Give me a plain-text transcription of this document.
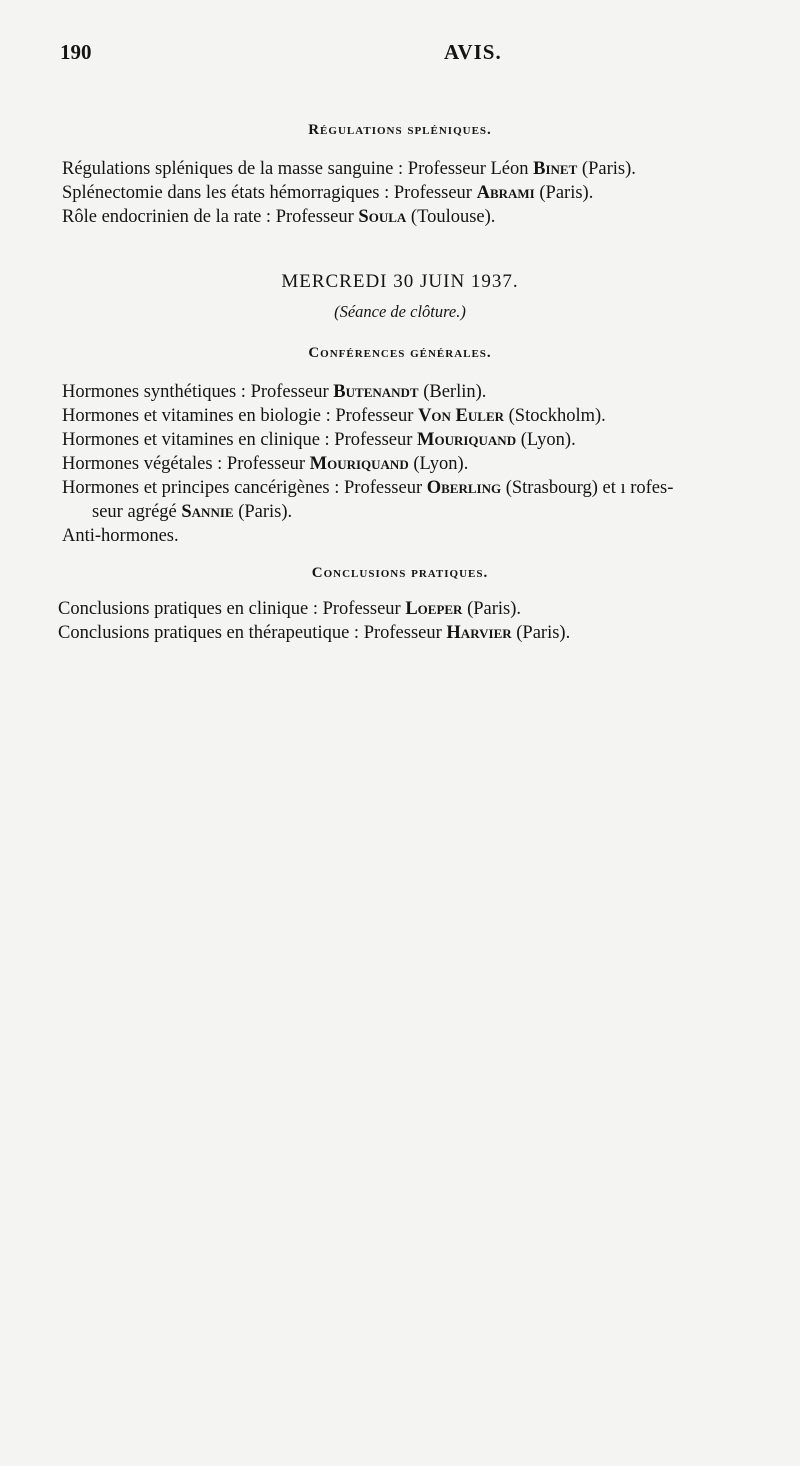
190	AVIS.
Régulations spléniques.
Régulations spléniques de la masse sanguine : Professeur Léon Binet (Paris).
Splénectomie dans les états hémorragiques : Professeur Abrami (Paris).
Rôle endocrinien de la rate : Professeur Soula (Toulouse).
MERCREDI 30 JUIN 1937.
(Séance de clôture.)
Conférences générales.
Hormones synthétiques : Professeur Butenandt (Berlin).
Hormones et vitamines en biologie : Professeur Von Euler (Stockholm).
Hormones et vitamines en clinique : Professeur Mouriquand (Lyon).
Hormones végétales : Professeur Mouriquand (Lyon).
Hormones et principes cancérigènes : Professeur Oberling (Strasbourg) et ı rofes-
seur agrégé Sannie (Paris).
Anti-hormones.
Conclusions pratiques.
Conclusions pratiques en clinique : Professeur Loeper (Paris).
Conclusions pratiques en thérapeutique : Professeur Harvier (Paris).
